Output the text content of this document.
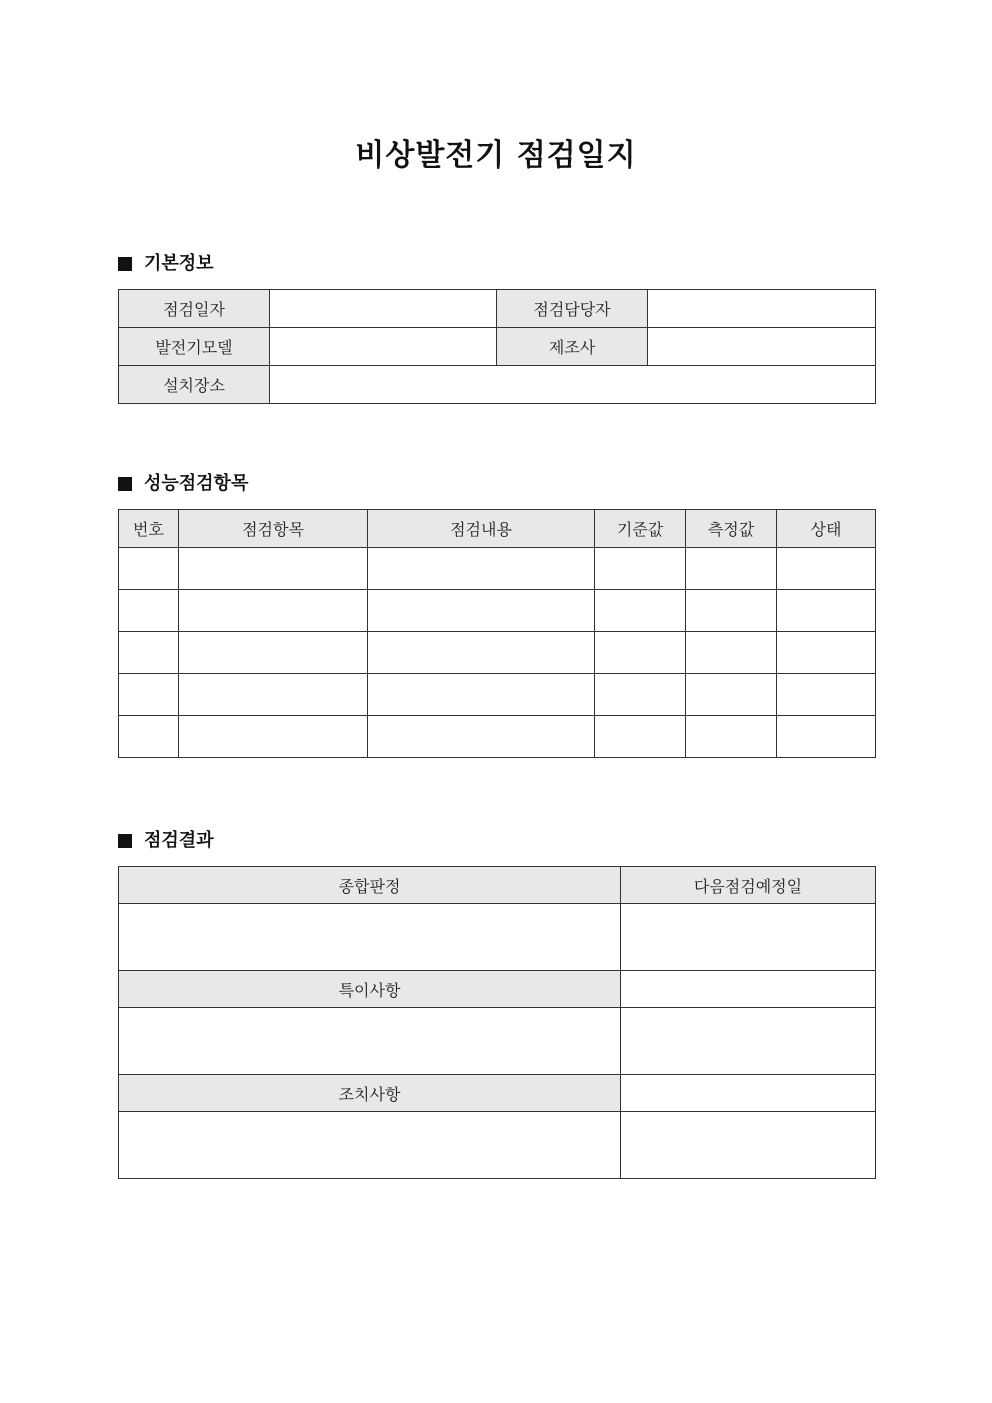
비상발전기 점검일지
기본정보
점검일자		점검담당자	
발전기모델		제조사	
설치장소			
성능점검항목
번호	점검항목	점검내용	기준값	측정값	상태

점검결과
종합판정	다음점검예정일

특이사항	

조치사항	
